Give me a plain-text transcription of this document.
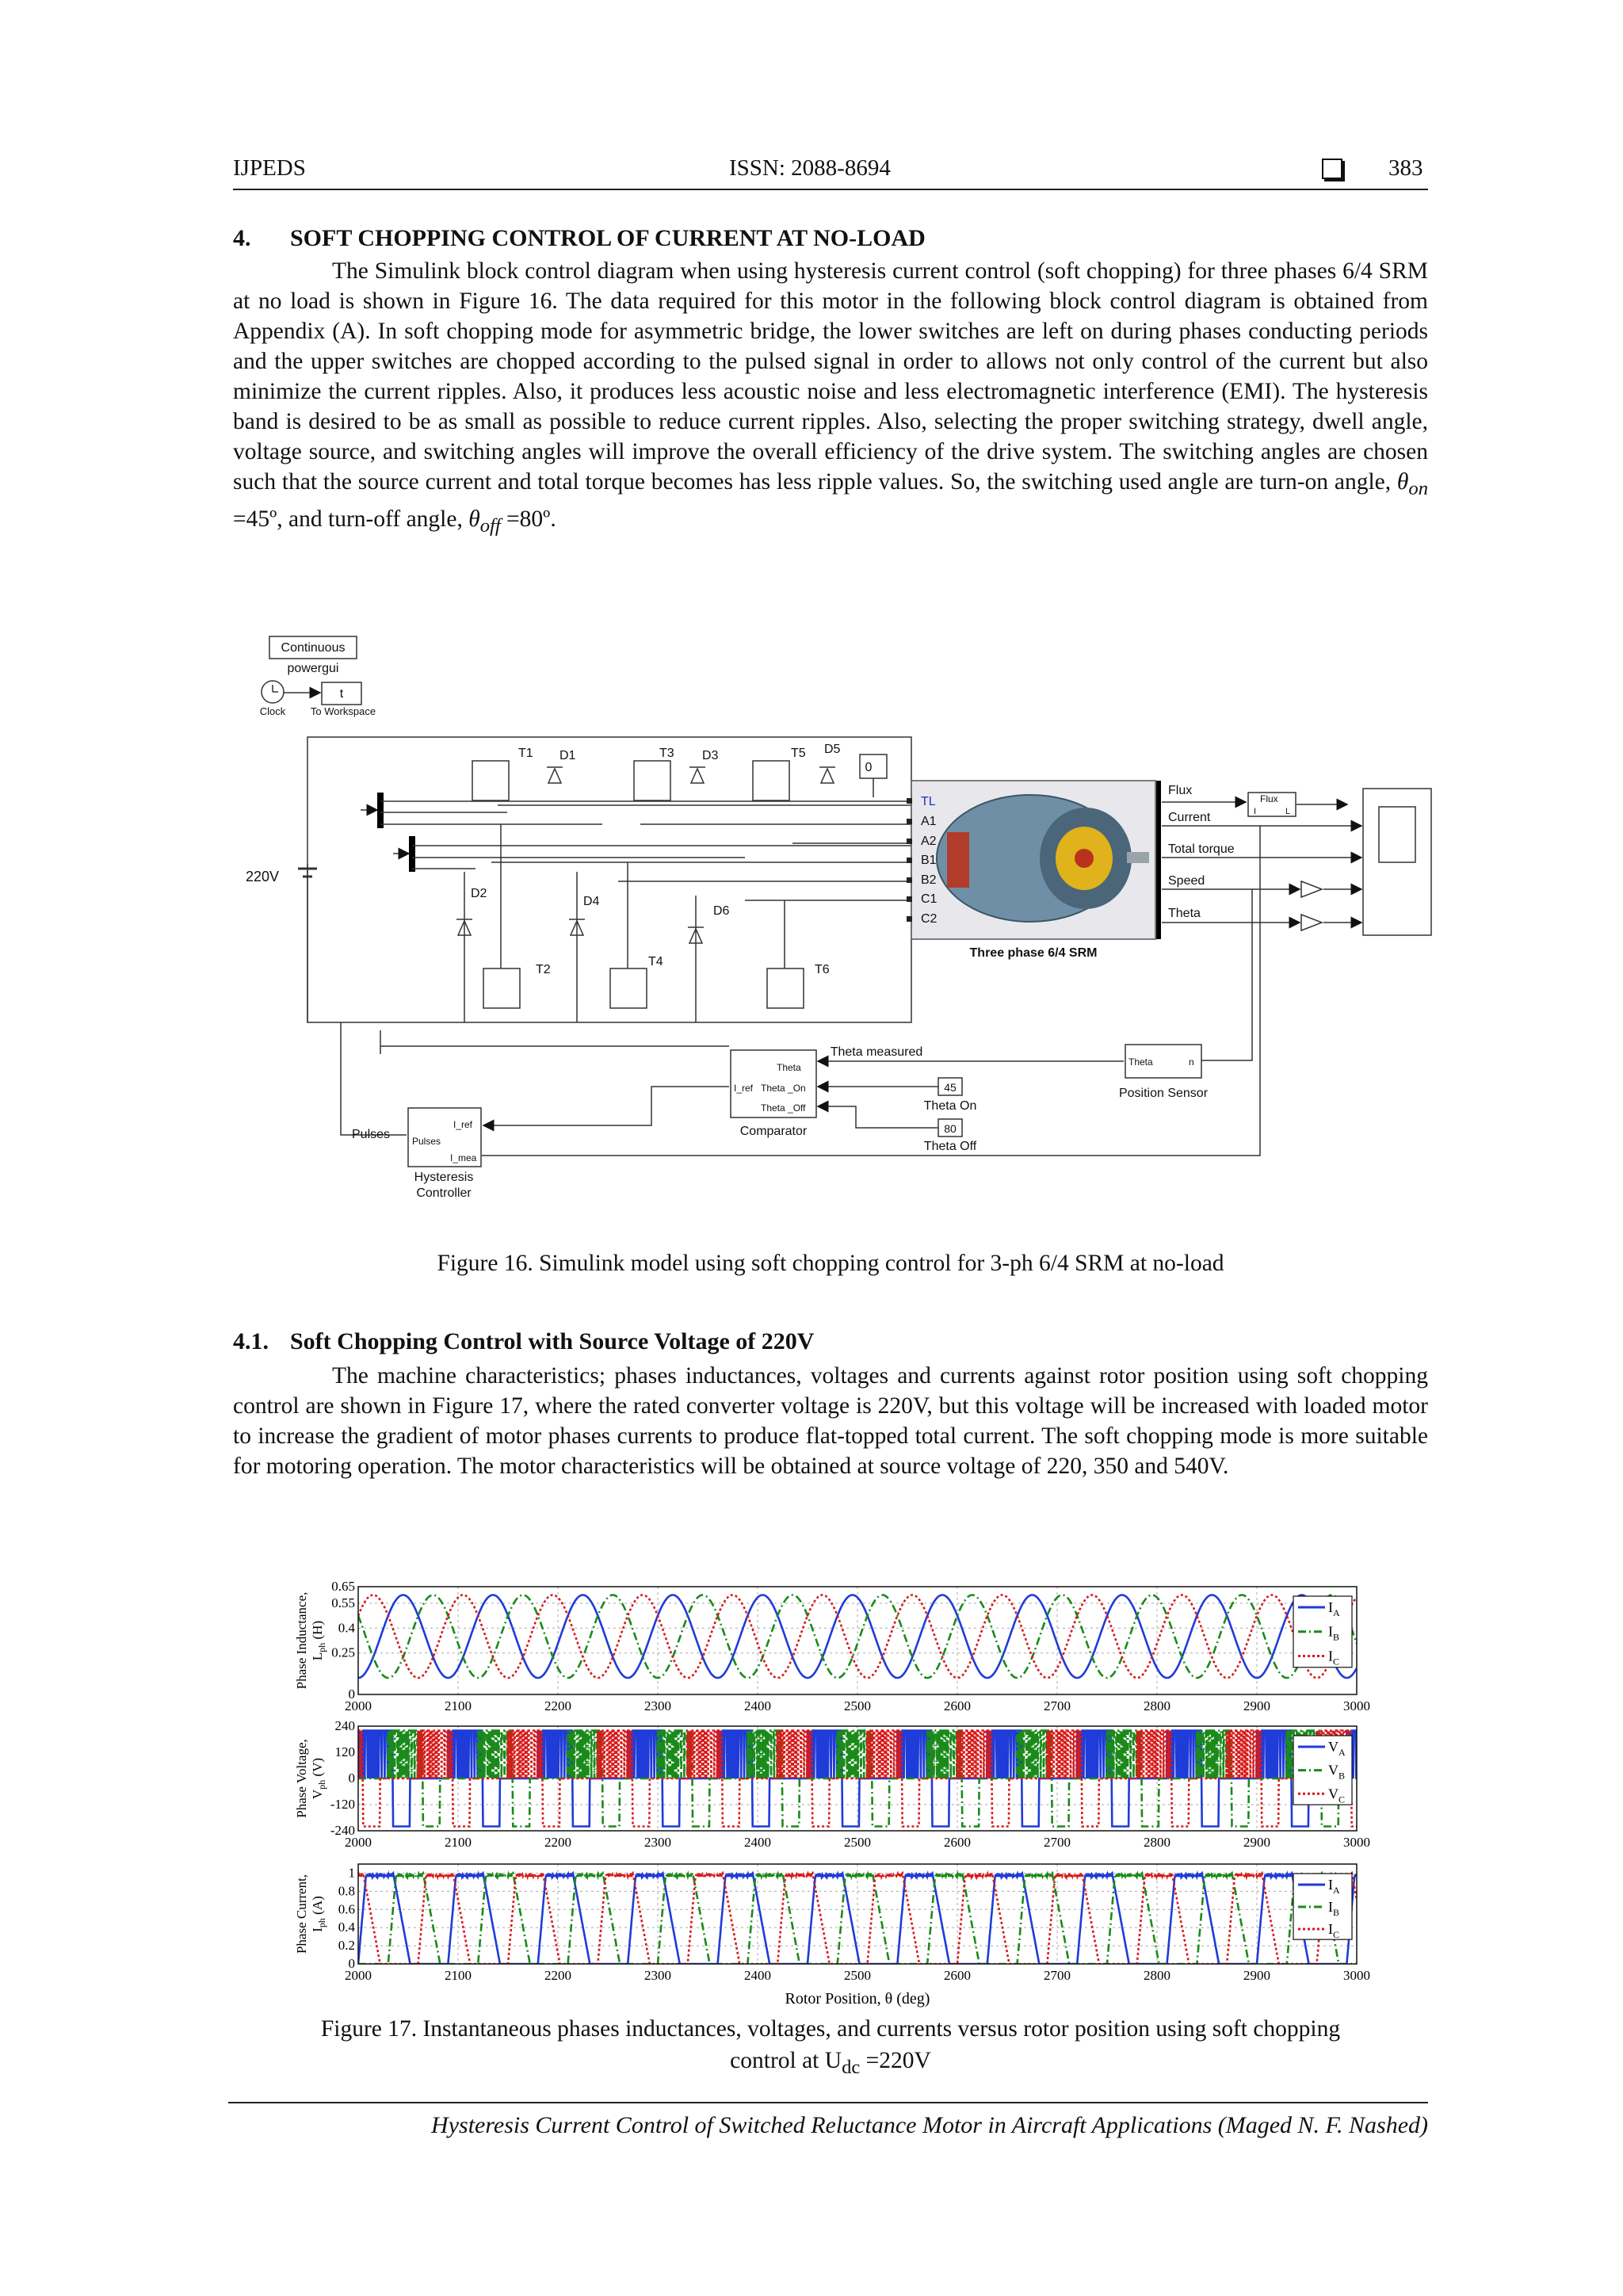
IJPEDS	ISSN: 2088-8694	383
4. SOFT CHOPPING CONTROL OF CURRENT AT NO-LOAD
The Simulink block control diagram when using hysteresis current control (soft chopping) for three phases 6/4 SRM at no load is shown in Figure 16. The data required for this motor in the following block control diagram is obtained from Appendix (A). In soft chopping mode for asymmetric bridge, the lower switches are left on during phases conducting periods and the upper switches are chopped according to the pulsed signal in order to allows not only control of the current but also minimize the current ripples. Also, it produces less acoustic noise and less electromagnetic interference (EMI). The hysteresis band is desired to be as small as possible to reduce current ripples. Also, selecting the proper switching strategy, dwell angle, voltage source, and switching angles will improve the overall efficiency of the drive system. The switching angles are chosen such that the source current and total torque becomes has less ripple values. So, the switching used angle are turn-on angle, $\theta_{on}$ =45º, and turn-off angle, $\theta_{off}$ =80º.
Continuous
powergui
Clock
t
To Workspace
220V
T1 D1	T3 D3	T5 D5
D2
D4
D6
T2
T4
T6
0
TL
A1
A2
B1
B2
C1
C2
Three phase 6/4 SRM
Flux
Current
Total torque
Speed
Theta
Flux
I	L
Theta
Theta _On
Theta _Off
I_ref
Comparator
Theta measured
45
Theta On
80
Theta Off
Theta	n
Position Sensor
I_ref
Pulses
I_mea
Hysteresis
Controller
Pulses
Figure 16. Simulink model using soft chopping control for 3-ph 6/4 SRM at no-load
4.1. Soft Chopping Control with Source Voltage of 220V
The machine characteristics; phases inductances, voltages and currents against rotor position using soft chopping control are shown in Figure 17, where the rated converter voltage is 220V, but this voltage will be increased with loaded motor to increase the gradient of motor phases currents to produce flat-topped total current. The soft chopping mode is more suitable for motoring operation. The motor characteristics will be obtained at source voltage of 220, 350 and 540V.
2000	2100	2200	2300	2400	2500	2600	2700	2800	2900	3000
0
0.25
0.4
0.55
0.65
$I_A$
$I_B$
$I_C$
Phase Inductance, $L_{ph}$ (H)
2000	2100	2200	2300	2400	2500	2600	2700	2800	2900	3000
-240
-120
0
120
240
$V_A$
$V_B$
$V_C$
Phase Voltage, $V_{ph}$ (V)
2000	2100	2200	2300	2400	2500	2600	2700	2800	2900	3000
0
0.2
0.4
0.6
0.8
1
$I_A$
$I_B$
$I_C$
Phase Current, $I_{ph}$ (A)
Rotor Position, θ (deg)
Figure 17. Instantaneous phases inductances, voltages, and currents versus rotor position using soft chopping
control at $U_{dc} =220V$
Hysteresis Current Control of Switched Reluctance Motor in Aircraft Applications (Maged N. F. Nashed)
